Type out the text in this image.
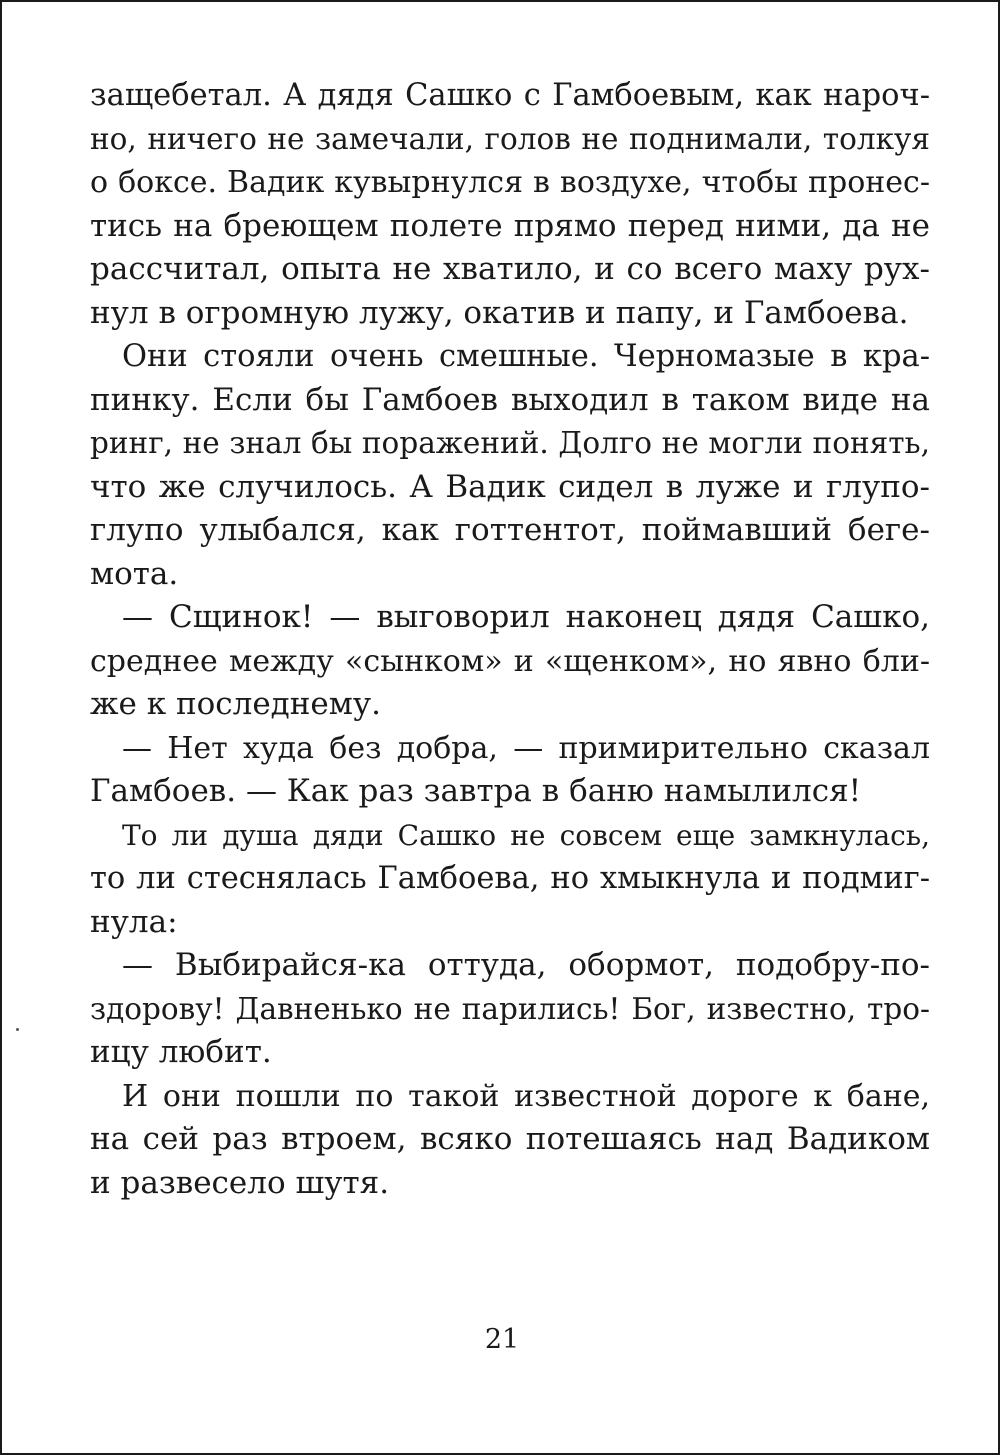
защебетал. А дядя Сашко с Гамбоевым, как нароч-
но, ничего не замечали, голов не поднимали, толкуя
о боксе. Вадик кувырнулся в воздухе, чтобы пронес-
тись на бреющем полете прямо перед ними, да не
рассчитал, опыта не хватило, и со всего маху рух-
нул в огромную лужу, окатив и папу, и Гамбоева.
Они стояли очень смешные. Черномазые в кра-
пинку. Если бы Гамбоев выходил в таком виде на
ринг, не знал бы поражений. Долго не могли понять,
что же случилось. А Вадик сидел в луже и глупо-
глупо улыбался, как готтентот, поймавший беге-
мота.
— Сщинок! — выговорил наконец дядя Сашко,
среднее между «сынком» и «щенком», но явно бли-
же к последнему.
— Нет худа без добра, — примирительно сказал
Гамбоев. — Как раз завтра в баню намылился!
То ли душа дяди Сашко не совсем еще замкнулась,
то ли стеснялась Гамбоева, но хмыкнула и подмиг-
нула:
— Выбирайся-ка оттуда, обормот, подобру-по-
здорову! Давненько не парились! Бог, известно, тро-
ицу любит.
И они пошли по такой известной дороге к бане,
на сей раз втроем, всяко потешаясь над Вадиком
и развесело шутя.
21
